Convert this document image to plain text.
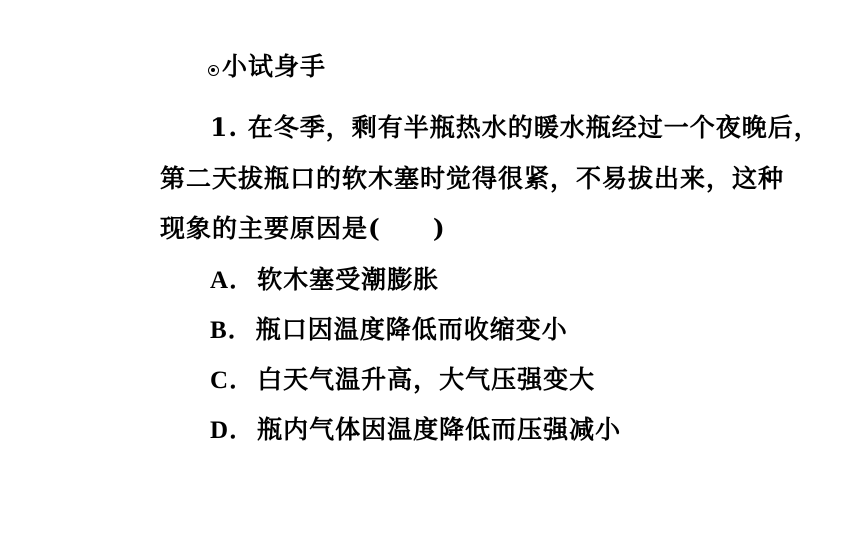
小试身手
1. 在冬季，剩有半瓶热水的暖水瓶经过一个夜晚后，
第二天拔瓶口的软木塞时觉得很紧，不易拔出来，这种
现象的主要原因是(　　)
A．软木塞受潮膨胀
B．瓶口因温度降低而收缩变小
C．白天气温升高，大气压强变大
D．瓶内气体因温度降低而压强减小
